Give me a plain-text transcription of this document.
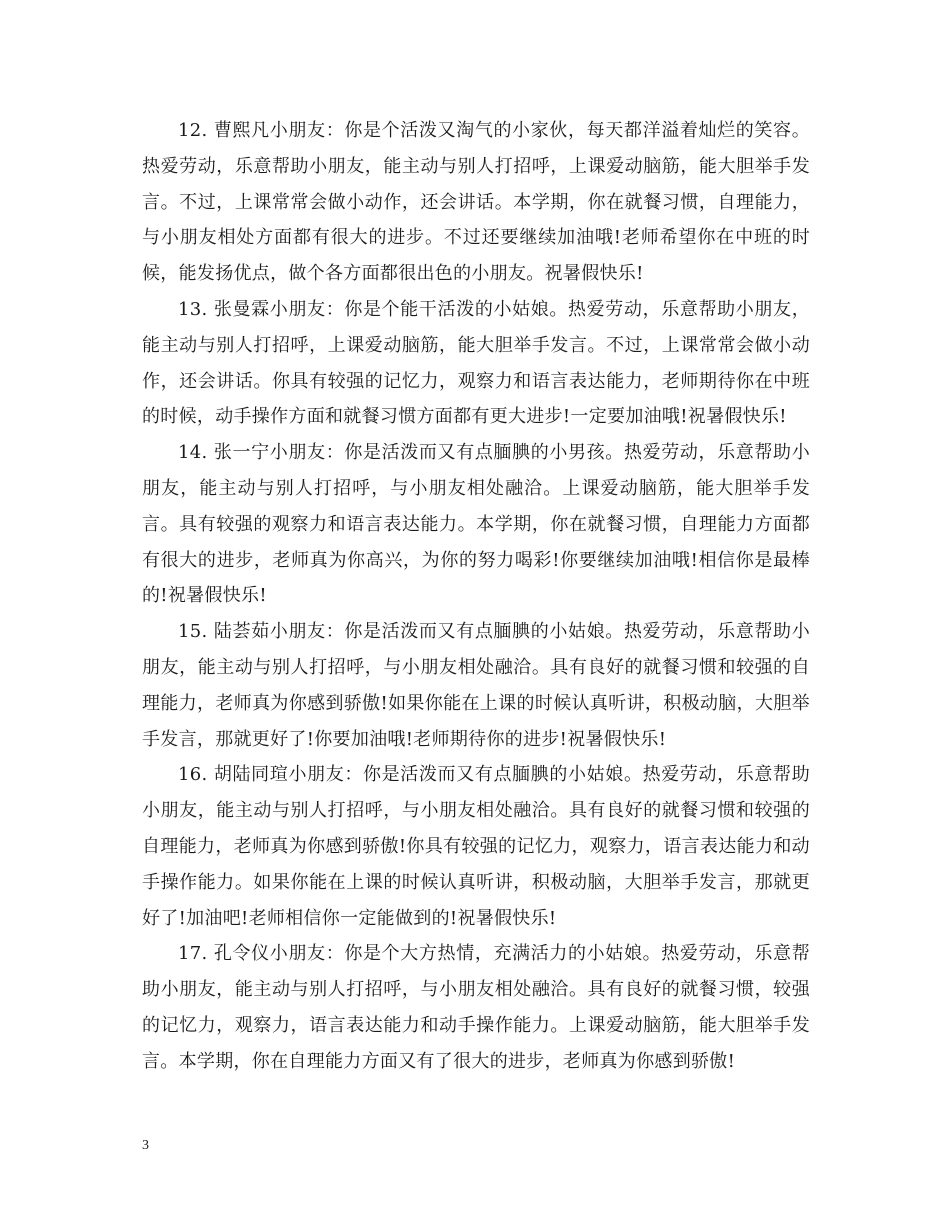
12. 曹熙凡小朋友：你是个活泼又淘气的小家伙，每天都洋溢着灿烂的笑容。热爱劳动，乐意帮助小朋友，能主动与别人打招呼，上课爱动脑筋，能大胆举手发言。不过，上课常常会做小动作，还会讲话。本学期，你在就餐习惯，自理能力，与小朋友相处方面都有很大的进步。不过还要继续加油哦!老师希望你在中班的时候，能发扬优点，做个各方面都很出色的小朋友。祝暑假快乐!

13. 张曼霖小朋友：你是个能干活泼的小姑娘。热爱劳动，乐意帮助小朋友，能主动与别人打招呼，上课爱动脑筋，能大胆举手发言。不过，上课常常会做小动作，还会讲话。你具有较强的记忆力，观察力和语言表达能力，老师期待你在中班的时候，动手操作方面和就餐习惯方面都有更大进步!一定要加油哦!祝暑假快乐!

14. 张一宁小朋友：你是活泼而又有点腼腆的小男孩。热爱劳动，乐意帮助小朋友，能主动与别人打招呼，与小朋友相处融洽。上课爱动脑筋，能大胆举手发言。具有较强的观察力和语言表达能力。本学期，你在就餐习惯，自理能力方面都有很大的进步，老师真为你高兴，为你的努力喝彩!你要继续加油哦!相信你是最棒的!祝暑假快乐!

15. 陆荟茹小朋友：你是活泼而又有点腼腆的小姑娘。热爱劳动，乐意帮助小朋友，能主动与别人打招呼，与小朋友相处融洽。具有良好的就餐习惯和较强的自理能力，老师真为你感到骄傲!如果你能在上课的时候认真听讲，积极动脑，大胆举手发言，那就更好了!你要加油哦!老师期待你的进步!祝暑假快乐!

16. 胡陆同瑄小朋友：你是活泼而又有点腼腆的小姑娘。热爱劳动，乐意帮助小朋友，能主动与别人打招呼，与小朋友相处融洽。具有良好的就餐习惯和较强的自理能力，老师真为你感到骄傲!你具有较强的记忆力，观察力，语言表达能力和动手操作能力。如果你能在上课的时候认真听讲，积极动脑，大胆举手发言，那就更好了!加油吧!老师相信你一定能做到的!祝暑假快乐!

17. 孔令仪小朋友：你是个大方热情，充满活力的小姑娘。热爱劳动，乐意帮助小朋友，能主动与别人打招呼，与小朋友相处融洽。具有良好的就餐习惯，较强的记忆力，观察力，语言表达能力和动手操作能力。上课爱动脑筋，能大胆举手发言。本学期，你在自理能力方面又有了很大的进步，老师真为你感到骄傲!

3
